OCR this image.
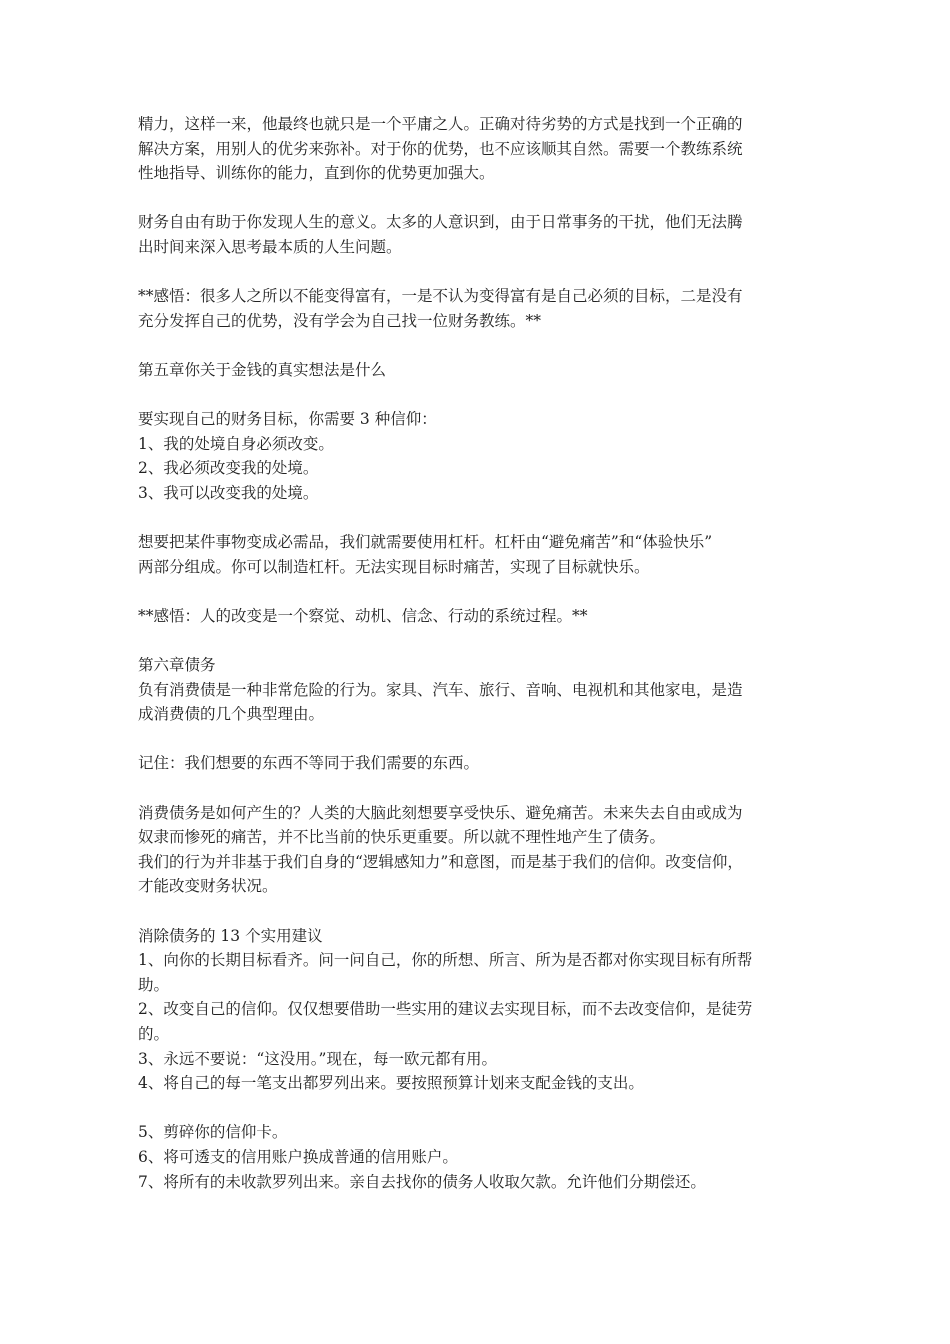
精力，这样一来，他最终也就只是一个平庸之人。正确对待劣势的方式是找到一个正确的
解决方案，用别人的优劣来弥补。对于你的优势，也不应该顺其自然。需要一个教练系统
性地指导、训练你的能力，直到你的优势更加强大。
财务自由有助于你发现人生的意义。太多的人意识到，由于日常事务的干扰，他们无法腾
出时间来深入思考最本质的人生问题。
**感悟：很多人之所以不能变得富有，一是不认为变得富有是自己必须的目标，二是没有
充分发挥自己的优势，没有学会为自己找一位财务教练。**
第五章你关于金钱的真实想法是什么
要实现自己的财务目标，你需要 3 种信仰：
1、我的处境自身必须改变。
2、我必须改变我的处境。
3、我可以改变我的处境。
想要把某件事物变成必需品，我们就需要使用杠杆。杠杆由“避免痛苦”和“体验快乐”
两部分组成。你可以制造杠杆。无法实现目标时痛苦，实现了目标就快乐。
**感悟：人的改变是一个察觉、动机、信念、行动的系统过程。**
第六章债务
负有消费债是一种非常危险的行为。家具、汽车、旅行、音响、电视机和其他家电，是造
成消费债的几个典型理由。
记住：我们想要的东西不等同于我们需要的东西。
消费债务是如何产生的？人类的大脑此刻想要享受快乐、避免痛苦。未来失去自由或成为
奴隶而惨死的痛苦，并不比当前的快乐更重要。所以就不理性地产生了债务。
我们的行为并非基于我们自身的“逻辑感知力”和意图，而是基于我们的信仰。改变信仰，
才能改变财务状况。
消除债务的 13 个实用建议
1、向你的长期目标看齐。问一问自己，你的所想、所言、所为是否都对你实现目标有所帮
助。
2、改变自己的信仰。仅仅想要借助一些实用的建议去实现目标，而不去改变信仰，是徒劳
的。
3、永远不要说：“这没用。”现在，每一欧元都有用。
4、将自己的每一笔支出都罗列出来。要按照预算计划来支配金钱的支出。
5、剪碎你的信仰卡。
6、将可透支的信用账户换成普通的信用账户。
7、将所有的未收款罗列出来。亲自去找你的债务人收取欠款。允许他们分期偿还。
